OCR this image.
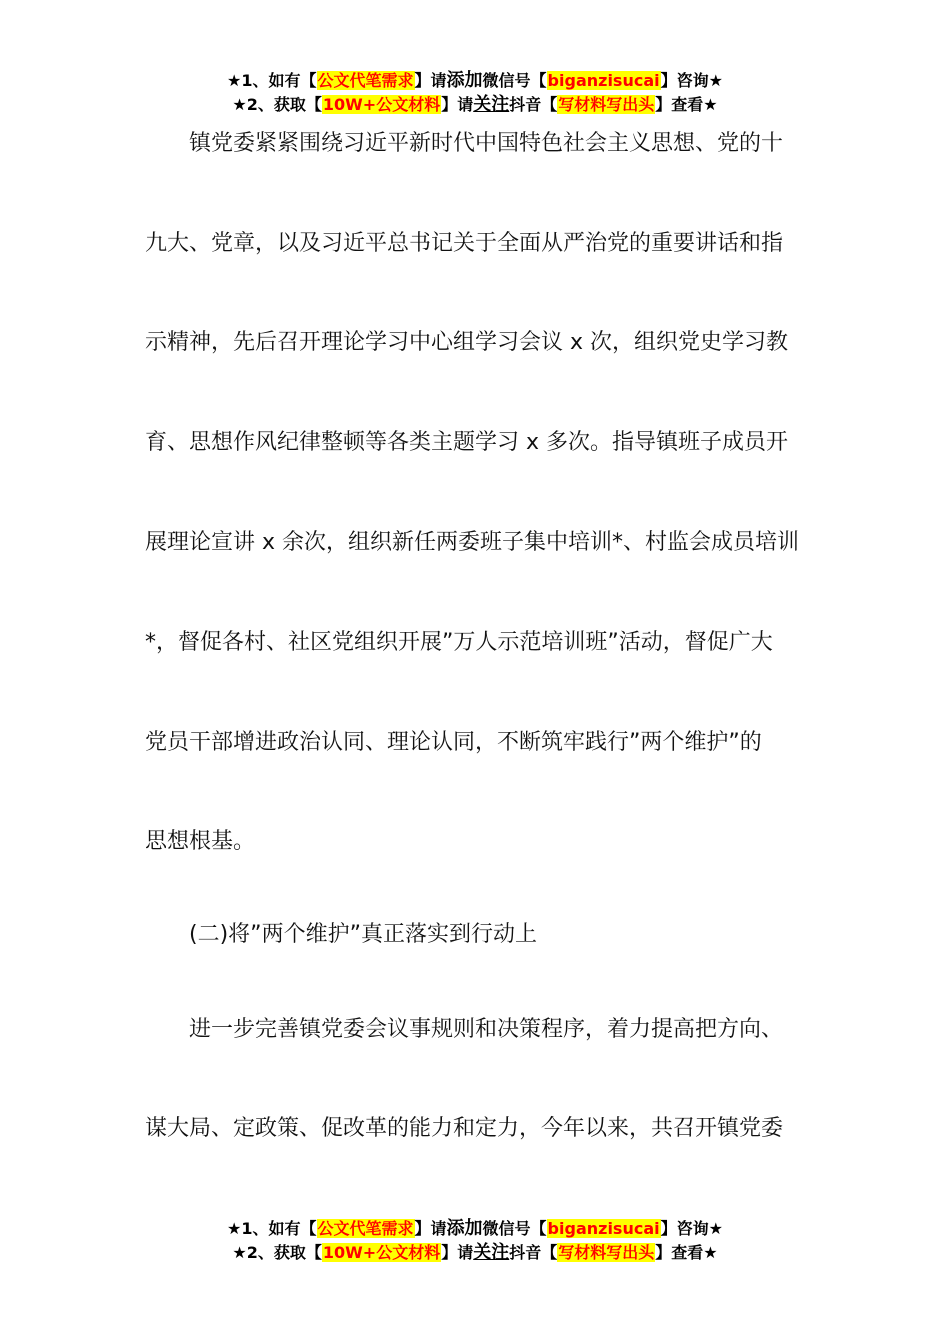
★1、如有【公文代笔需求】请添加微信号【biganzisucai】咨询★
★2、获取【10W+公文材料】请关注抖音【写材料写出头】查看★
镇党委紧紧围绕习近平新时代中国特色社会主义思想、党的十
九大、党章，以及习近平总书记关于全面从严治党的重要讲话和指
示精神，先后召开理论学习中心组学习会议 x 次，组织党史学习教
育、思想作风纪律整顿等各类主题学习 x 多次。指导镇班子成员开
展理论宣讲 x 余次，组织新任两委班子集中培训*、村监会成员培训
*，督促各村、社区党组织开展”万人示范培训班”活动，督促广大
党员干部增进政治认同、理论认同，不断筑牢践行”两个维护”的
思想根基。
(二)将”两个维护”真正落实到行动上
进一步完善镇党委会议事规则和决策程序，着力提高把方向、
谋大局、定政策、促改革的能力和定力，今年以来，共召开镇党委
★1、如有【公文代笔需求】请添加微信号【biganzisucai】咨询★
★2、获取【10W+公文材料】请关注抖音【写材料写出头】查看★
